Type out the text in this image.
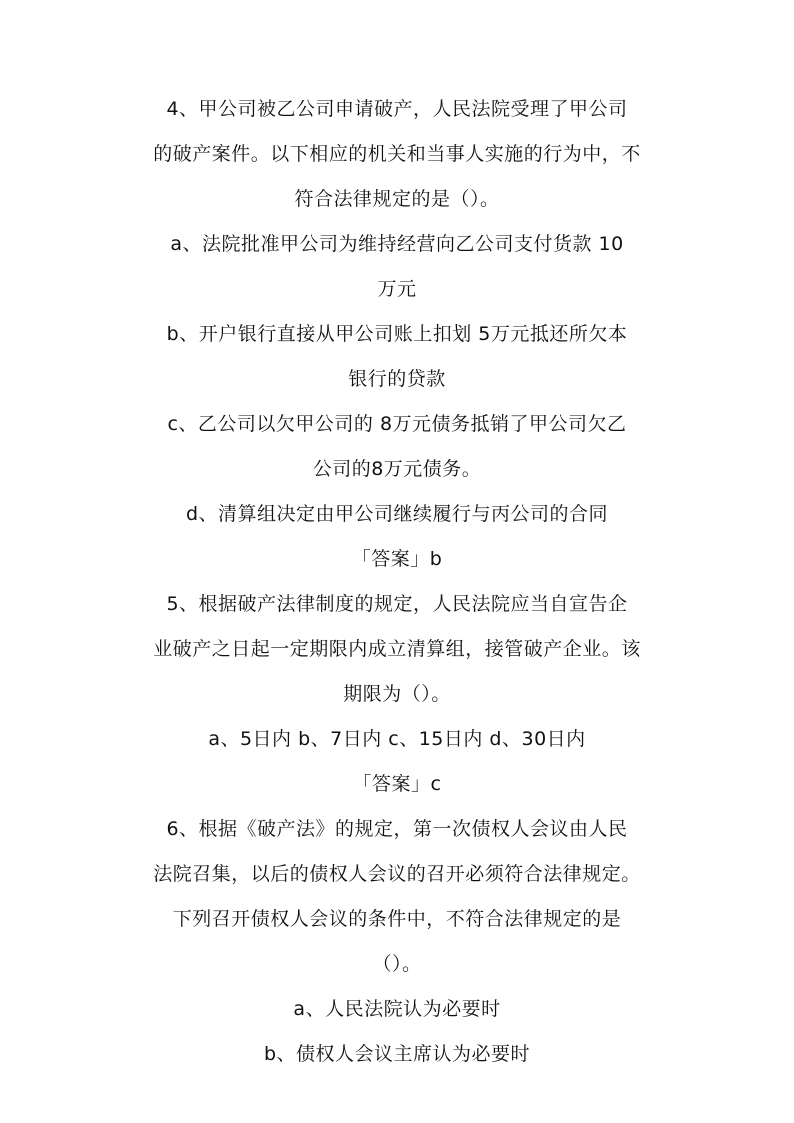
4、甲公司被乙公司申请破产，人民法院受理了甲公司
的破产案件。以下相应的机关和当事人实施的行为中，不
符合法律规定的是（）。
a、法院批准甲公司为维持经营向乙公司支付货款 10
万元
b、开户银行直接从甲公司账上扣划 5万元抵还所欠本
银行的贷款
c、乙公司以欠甲公司的 8万元债务抵销了甲公司欠乙
公司的8万元债务。
d、清算组决定由甲公司继续履行与丙公司的合同
「答案」b
5、根据破产法律制度的规定，人民法院应当自宣告企
业破产之日起一定期限内成立清算组，接管破产企业。该
期限为（）。
a、5日内 b、7日内 c、15日内 d、30日内
「答案」c
6、根据《破产法》的规定，第一次债权人会议由人民
法院召集，以后的债权人会议的召开必须符合法律规定。
下列召开债权人会议的条件中，不符合法律规定的是
（）。
a、人民法院认为必要时
b、债权人会议主席认为必要时
